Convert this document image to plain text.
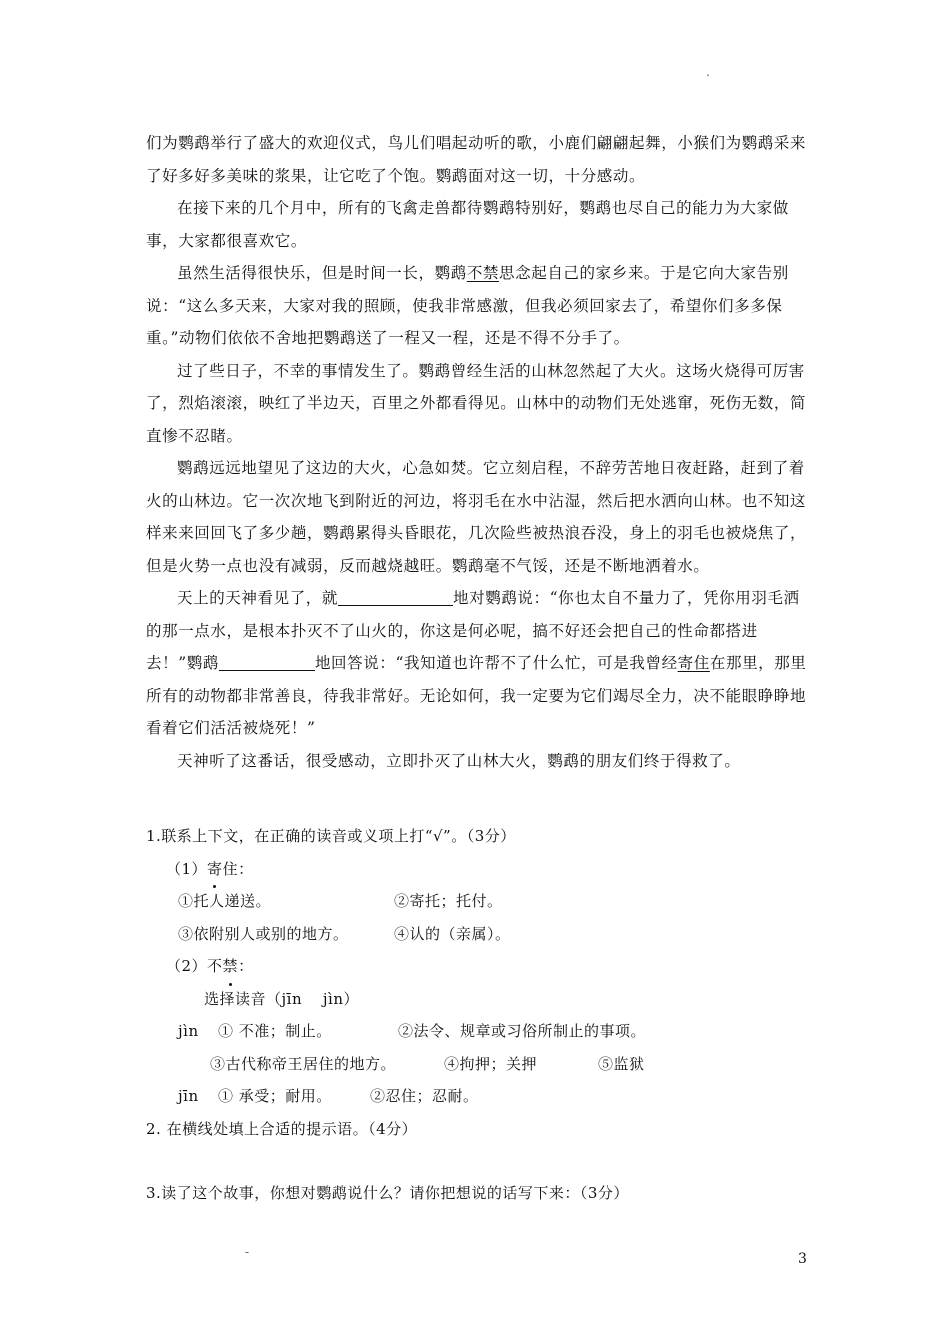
.

们为鹦鹉举行了盛大的欢迎仪式，鸟儿们唱起动听的歌，小鹿们翩翩起舞，小猴们为鹦鹉采来了好多好多美味的浆果，让它吃了个饱。鹦鹉面对这一切，十分感动。

在接下来的几个月中，所有的飞禽走兽都待鹦鹉特别好，鹦鹉也尽自己的能力为大家做事，大家都很喜欢它。

虽然生活得很快乐，但是时间一长，鹦鹉不禁思念起自己的家乡来。于是它向大家告别说：“这么多天来，大家对我的照顾，使我非常感激，但我必须回家去了，希望你们多多保重。”动物们依依不舍地把鹦鹉送了一程又一程，还是不得不分手了。

过了些日子，不幸的事情发生了。鹦鹉曾经生活的山林忽然起了大火。这场火烧得可厉害了，烈焰滚滚，映红了半边天，百里之外都看得见。山林中的动物们无处逃窜，死伤无数，简直惨不忍睹。

鹦鹉远远地望见了这边的大火，心急如焚。它立刻启程，不辞劳苦地日夜赶路，赶到了着火的山林边。它一次次地飞到附近的河边，将羽毛在水中沾湿，然后把水洒向山林。也不知这样来来回回飞了多少趟，鹦鹉累得头昏眼花，几次险些被热浪吞没，身上的羽毛也被烧焦了，但是火势一点也没有减弱，反而越烧越旺。鹦鹉毫不气馁，还是不断地洒着水。

天上的天神看见了，就	地对鹦鹉说：“你也太自不量力了，凭你用羽毛洒的那一点水，是根本扑灭不了山火的，你这是何必呢，搞不好还会把自己的性命都搭进去！”鹦鹉	地回答说：“我知道也许帮不了什么忙，可是我曾经寄住在那里，那里所有的动物都非常善良，待我非常好。无论如何，我一定要为它们竭尽全力，决不能眼睁睁地看着它们活活被烧死！”

天神听了这番话，很受感动，立即扑灭了山林大火，鹦鹉的朋友们终于得救了。

1.联系上下文，在正确的读音或义项上打“√”。（3分）
（1）寄住：
①托人递送。	②寄托；托付。
③依附别人或别的地方。	④认的（亲属）。
（2）不禁：
选择读音（jīn　 jìn）
jìn ① 不准；制止。	②法令、规章或习俗所制止的事项。
③古代称帝王居住的地方。	④拘押；关押	⑤监狱
jīn ① 承受；耐用。	②忍住；忍耐。
2. 在横线处填上合适的提示语。（4分）
3.读了这个故事，你想对鹦鹉说什么？请你把想说的话写下来：（3分）
-	3
